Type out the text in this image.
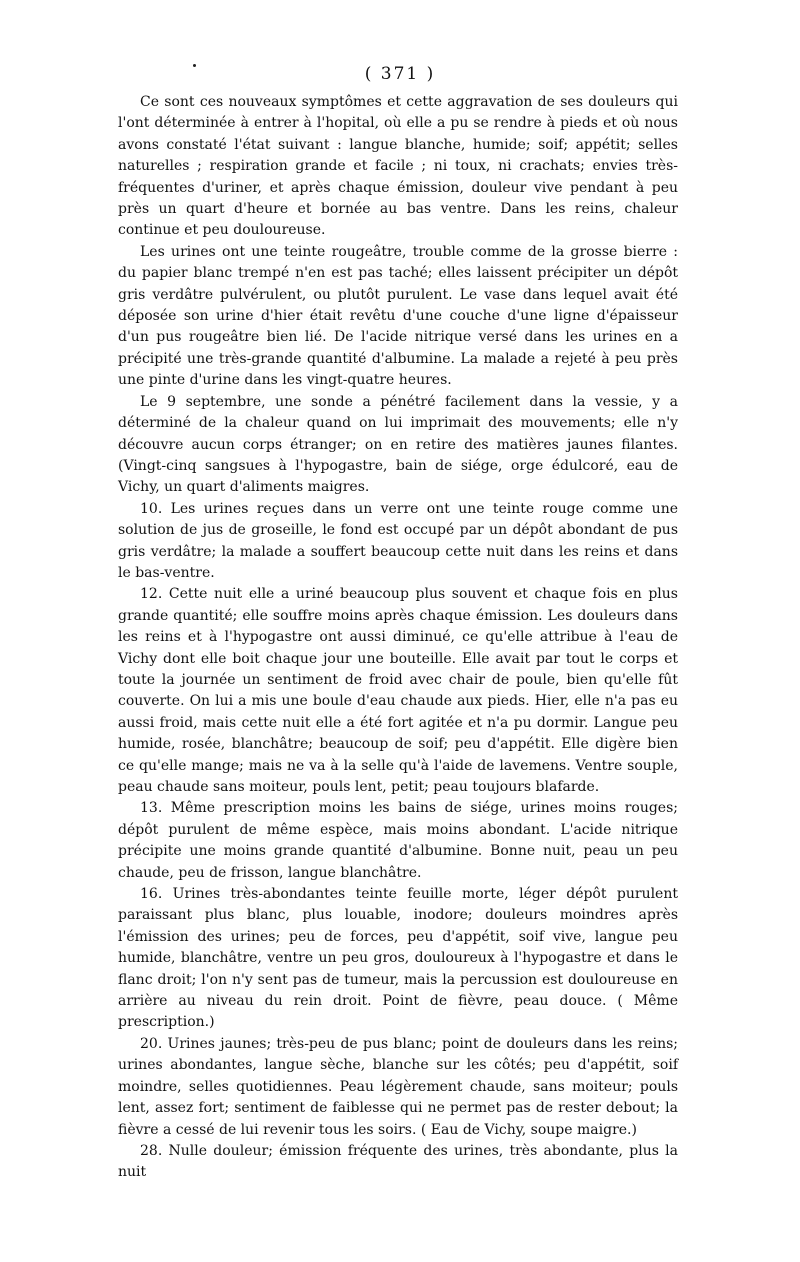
( 371 )

Ce sont ces nouveaux symptômes et cette aggravation de ses douleurs qui l'ont déterminée à entrer à l'hopital, où elle a pu se rendre à pieds et où nous avons constaté l'état suivant : langue blanche, humide; soif; appétit; selles naturelles ; respiration grande et facile ; ni toux, ni crachats; envies très-fréquentes d'uriner, et après chaque émission, douleur vive pendant à peu près un quart d'heure et bornée au bas ventre. Dans les reins, chaleur continue et peu douloureuse.

Les urines ont une teinte rougeâtre, trouble comme de la grosse bierre : du papier blanc trempé n'en est pas taché; elles laissent précipiter un dépôt gris verdâtre pulvérulent, ou plutôt purulent. Le vase dans lequel avait été déposée son urine d'hier était revêtu d'une couche d'une ligne d'épaisseur d'un pus rougeâtre bien lié. De l'acide nitrique versé dans les urines en a précipité une très-grande quantité d'albumine. La malade a rejeté à peu près une pinte d'urine dans les vingt-quatre heures.

Le 9 septembre, une sonde a pénétré facilement dans la vessie, y a déterminé de la chaleur quand on lui imprimait des mouvements; elle n'y découvre aucun corps étranger; on en retire des matières jaunes filantes. (Vingt-cinq sangsues à l'hypogastre, bain de siége, orge édulcoré, eau de Vichy, un quart d'aliments maigres.

10. Les urines reçues dans un verre ont une teinte rouge comme une solution de jus de groseille, le fond est occupé par un dépôt abondant de pus gris verdâtre; la malade a souffert beaucoup cette nuit dans les reins et dans le bas-ventre.

12. Cette nuit elle a uriné beaucoup plus souvent et chaque fois en plus grande quantité; elle souffre moins après chaque émission. Les douleurs dans les reins et à l'hypogastre ont aussi diminué, ce qu'elle attribue à l'eau de Vichy dont elle boit chaque jour une bouteille. Elle avait par tout le corps et toute la journée un sentiment de froid avec chair de poule, bien qu'elle fût couverte. On lui a mis une boule d'eau chaude aux pieds. Hier, elle n'a pas eu aussi froid, mais cette nuit elle a été fort agitée et n'a pu dormir. Langue peu humide, rosée, blanchâtre; beaucoup de soif; peu d'appétit. Elle digère bien ce qu'elle mange; mais ne va à la selle qu'à l'aide de lavemens. Ventre souple, peau chaude sans moiteur, pouls lent, petit; peau toujours blafarde.

13. Même prescription moins les bains de siége, urines moins rouges; dépôt purulent de même espèce, mais moins abondant. L'acide nitrique précipite une moins grande quantité d'albumine. Bonne nuit, peau un peu chaude, peu de frisson, langue blanchâtre.

16. Urines très-abondantes teinte feuille morte, léger dépôt purulent paraissant plus blanc, plus louable, inodore; douleurs moindres après l'émission des urines; peu de forces, peu d'appétit, soif vive, langue peu humide, blanchâtre, ventre un peu gros, douloureux à l'hypogastre et dans le flanc droit; l'on n'y sent pas de tumeur, mais la percussion est douloureuse en arrière au niveau du rein droit. Point de fièvre, peau douce. ( Même prescription.)

20. Urines jaunes; très-peu de pus blanc; point de douleurs dans les reins; urines abondantes, langue sèche, blanche sur les côtés; peu d'appétit, soif moindre, selles quotidiennes. Peau légèrement chaude, sans moiteur; pouls lent, assez fort; sentiment de faiblesse qui ne permet pas de rester debout; la fièvre a cessé de lui revenir tous les soirs. ( Eau de Vichy, soupe maigre.)

28. Nulle douleur; émission fréquente des urines, très abondante, plus la nuit
